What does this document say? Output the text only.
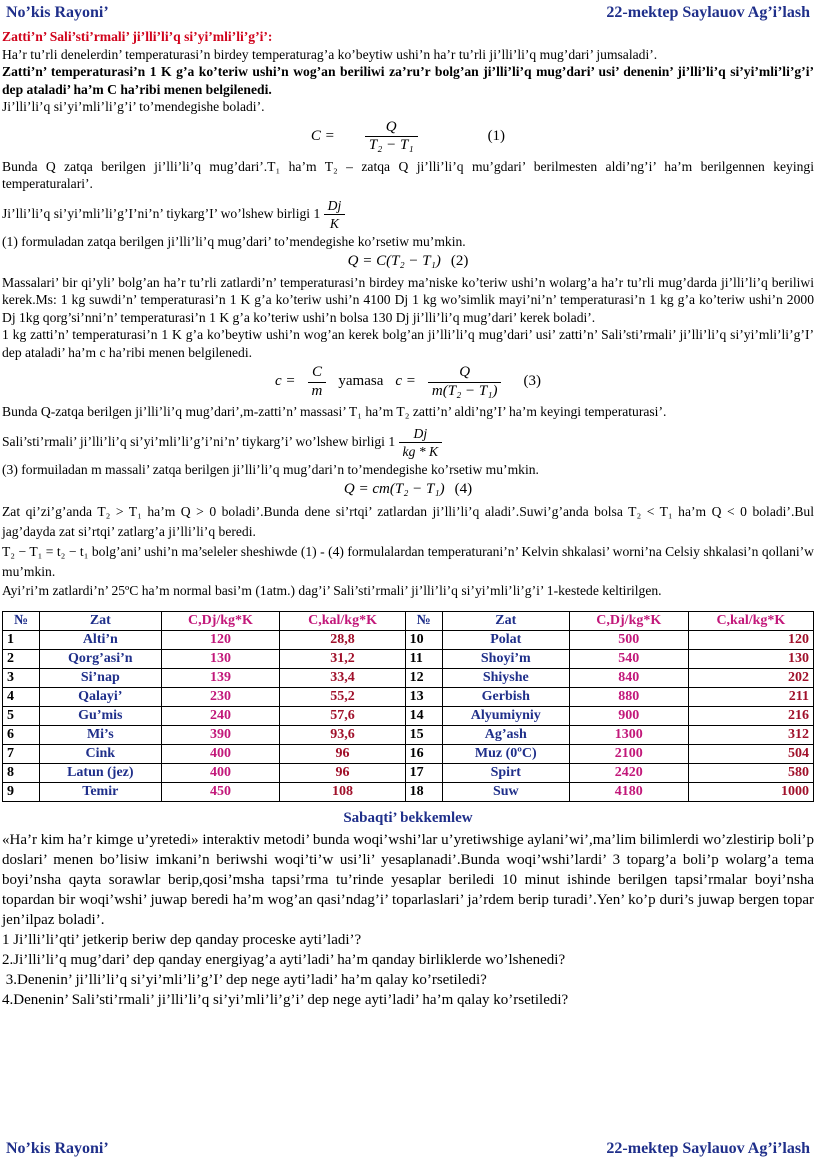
No’kis Rayoni’	22-mektep Saylauov Ag’i’lash

Zatti’n’ Sali’sti’rmali’ ji’lli’li’q si’yi’mli’li’g’i’:

Ha’r tu’rli denelerdin’ temperaturasi’n birdey temperaturag’a ko’beytiw ushi’n ha’r tu’rli ji’lli’li’q mug’dari’ jumsaladi’.

Zatti’n’ temperaturasi’n 1 K g’a ko’teriw ushi’n wog’an beriliwi za’ru’r bolg’an ji’lli’li’q mug’dari’ usi’ denenin’ ji’lli’li’q si’yi’mli’li’g’i’ dep ataladi’ ha’m C ha’ribi menen belgilenedi.

Ji’lli’li’q si’yi’mli’li’g’i’ to’mendegishe boladi’.

$C = \frac{Q}{\text{T₂ − T₁}}$	(1)

Bunda Q zatqa berilgen ji’lli’li’q mug’dari’.T₁ ha’m T₂ – zatqa Q ji’lli’li’q mu’gdari’ berilmesten aldi’ng’i’ ha’m berilgennen keyingi temperaturalari’.

Ji’lli’li’q si’yi’mli’li’g’I’ni’n’ tiykarg’I’ wo’lshew birligi $1 \frac{Dj}{K}$

(1) formuladan zatqa berilgen ji’lli’li’q mug’dari’ to’mendegishe ko’rsetiw mu’mkin.

Q = C(T₂ − T₁) (2)

Massalari’ bir qi’yli’ bolg’an ha’r tu’rli zatlardi’n’ temperaturasi’n birdey ma’niske ko’teriw ushi’n wolarg’a ha’r tu’rli mug’darda ji’lli’li’q beriliwi kerek.Ms: 1 kg suwdi’n’ temperaturasi’n 1 K g’a ko’teriw ushi’n 4100 Dj 1 kg wo’simlik mayi’ni’n’ temperaturasi’n 1 kg g’a ko’teriw ushi’n 2000 Dj 1kg qorg’si’nni’n’ temperaturasi’n 1 K g’a ko’teriw ushi’n bolsa 130 Dj ji’lli’li’q mug’dari’ kerek boladi’.

1 kg zatti’n’ temperaturasi’n 1 K g’a ko’beytiw ushi’n wog’an kerek bolg’an ji’lli’li’q mug’dari’ usi’ zatti’n’ Sali’sti’rmali’ ji’lli’li’q si’yi’mli’li’g’I’ dep ataladi’ ha’m c ha’ribi menen belgilenedi.

$c = \frac{C}{m}$ yamasa $c = \frac{Q}{\text{m(T₂ − T₁)}} (3)$

Bunda Q-zatqa berilgen ji’lli’li’q mug’dari’,m-zatti’n’ massasi’ T₁ ha’m T₂ zatti’n’ aldi’ng’I’ ha’m keyingi temperaturasi’.

Sali’sti’rmali’ ji’lli’li’q si’yi’mli’li’g’i’ni’n’ tiykarg’i’ wo’lshew birligi $1 \frac{Dj}{kg * K}$

(3) formuiladan m massali’ zatqa berilgen ji’lli’li’q mug’dari’n to’mendegishe ko’rsetiw mu’mkin.

Q = cm(T₂ − T₁) (4)

Zat qi’zi’g’anda T₂ > T₁ ha’m Q > 0 boladi’.Bunda dene si’rtqi’ zatlardan ji’lli’li’q aladi’.Suwi’g’anda bolsa T₂ < T₁ ha’m Q < 0 boladi’.Bul jag’dayda zat si’rtqi’ zatlarg’a ji’lli’li’q beredi.

T₂ − T₁ = t₂ − t₁ bolg’ani’ ushi’n ma’seleler sheshiwde (1) - (4) formulalardan temperaturani’n’ Kelvin shkalasi’ worni’na Celsiy shkalasi’n qollani’w mu’mkin.

Ayi’ri’m zatlardi’n’ 25ºC ha’m normal basi’m (1atm.) dag’i’ Sali’sti’rmali’ ji’lli’li’q si’yi’mli’li’g’i’ 1-kestede keltirilgen.

№	Zat	C,Dj/kg*K	C,kal/kg*K	№	Zat	C,Dj/kg*K	C,kal/kg*K
1	Alti’n	120	28,8	10	Polat	500	120
2	Qorg’asi’n	130	31,2	11	Shoyi’m	540	130
3	Si’nap	139	33,4	12	Shiyshe	840	202
4	Qalayi’	230	55,2	13	Gerbish	880	211
5	Gu’mis	240	57,6	14	Alyumiyniy	900	216
6	Mi’s	390	93,6	15	Ag’ash	1300	312
7	Cink	400	96	16	Muz (0ºC)	2100	504
8	Latun (jez)	400	96	17	Spirt	2420	580
9	Temir	450	108	18	Suw	4180	1000
Sabaqti’ bekkemlew

«Ha’r kim ha’r kimge u’yretedi» interaktiv metodi’ bunda woqi’wshi’lar u’yretiwshige aylani’wi’,ma’lim bilimlerdi wo’zlestirip boli’p doslari’ menen bo’lisiw imkani’n beriwshi woqi’ti’w usi’li’ yesaplanadi’.Bunda woqi’wshi’lardi’ 3 toparg’a boli’p wolarg’a tema boyi’nsha qayta sorawlar berip,qosi’msha tapsi’rma tu’rinde yesaplar beriledi 10 minut ishinde berilgen tapsi’rmalar boyi’nsha topardan bir woqi’wshi’ juwap beredi ha’m wog’an qasi’ndag’i’ toparlaslari’ ja’rdem berip turadi’.Yen’ ko’p duri’s juwap bergen topar jen’ilpaz boladi’.

1 Ji’lli’li’qti’ jetkerip beriw dep qanday proceske ayti’ladi’?

2.Ji’lli’li’q mug’dari’ dep qanday energiyag’a ayti’ladi’ ha’m qanday birliklerde wo’lshenedi?

3.Denenin’ ji’lli’li’q si’yi’mli’li’g’I’ dep nege ayti’ladi’ ha’m qalay ko’rsetiledi?

4.Denenin’ Sali’sti’rmali’ ji’lli’li’q si’yi’mli’li’g’i’ dep nege ayti’ladi’ ha’m qalay ko’rsetiledi?

No’kis Rayoni’	22-mektep Saylauov Ag’i’lash
